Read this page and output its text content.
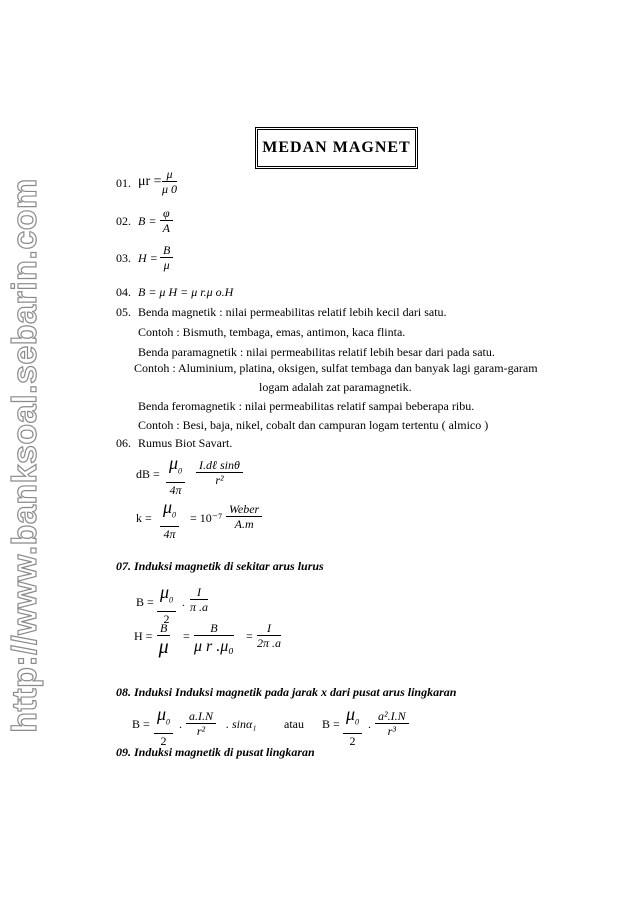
http://www.banksoal.sebarin.com
MEDAN MAGNET
01. $\mu r = \frac{\mu}{\mu 0}$
02. $B = \frac{\varphi}{A}$
03. $H = \frac{B}{\mu}$
04. B = μ H = μ r.μ o.H
05. Benda magnetik : nilai permeabilitas relatif lebih kecil dari satu.
Contoh : Bismuth, tembaga, emas, antimon, kaca flinta.
Benda paramagnetik : nilai permeabilitas relatif lebih besar dari pada satu.
Contoh : Aluminium, platina, oksigen, sulfat tembaga dan banyak lagi garam-garam
logam adalah zat paramagnetik.
Benda feromagnetik : nilai permeabilitas relatif sampai beberapa ribu.
Contoh : Besi, baja, nikel, cobalt dan campuran logam tertentu ( almico )
06. Rumus Biot Savart.
dB =
$\mu_0$
4π
I.dℓ sinθ
r²
k =
$\mu_0$
4π
= 10⁻⁷
Weber
A.m
07. Induksi magnetik di sekitar arus lurus
$B = \mu_0$
2
. $\frac{I}{\pi .a}$
H =
B
μ =
B
μ r .μ₀
= $\frac{I}{2\pi .a}$
08. Induksi Induksi magnetik pada jarak x dari pusat arus lingkaran
$B = \mu_0$
2
. $\frac{a.I.N}{\text{r²}}$ . sinα₁ atau $B = \mu_0$
2
. $\frac{\text{a².I.N}}{\text{r³}}$
09. Induksi magnetik di pusat lingkaran
